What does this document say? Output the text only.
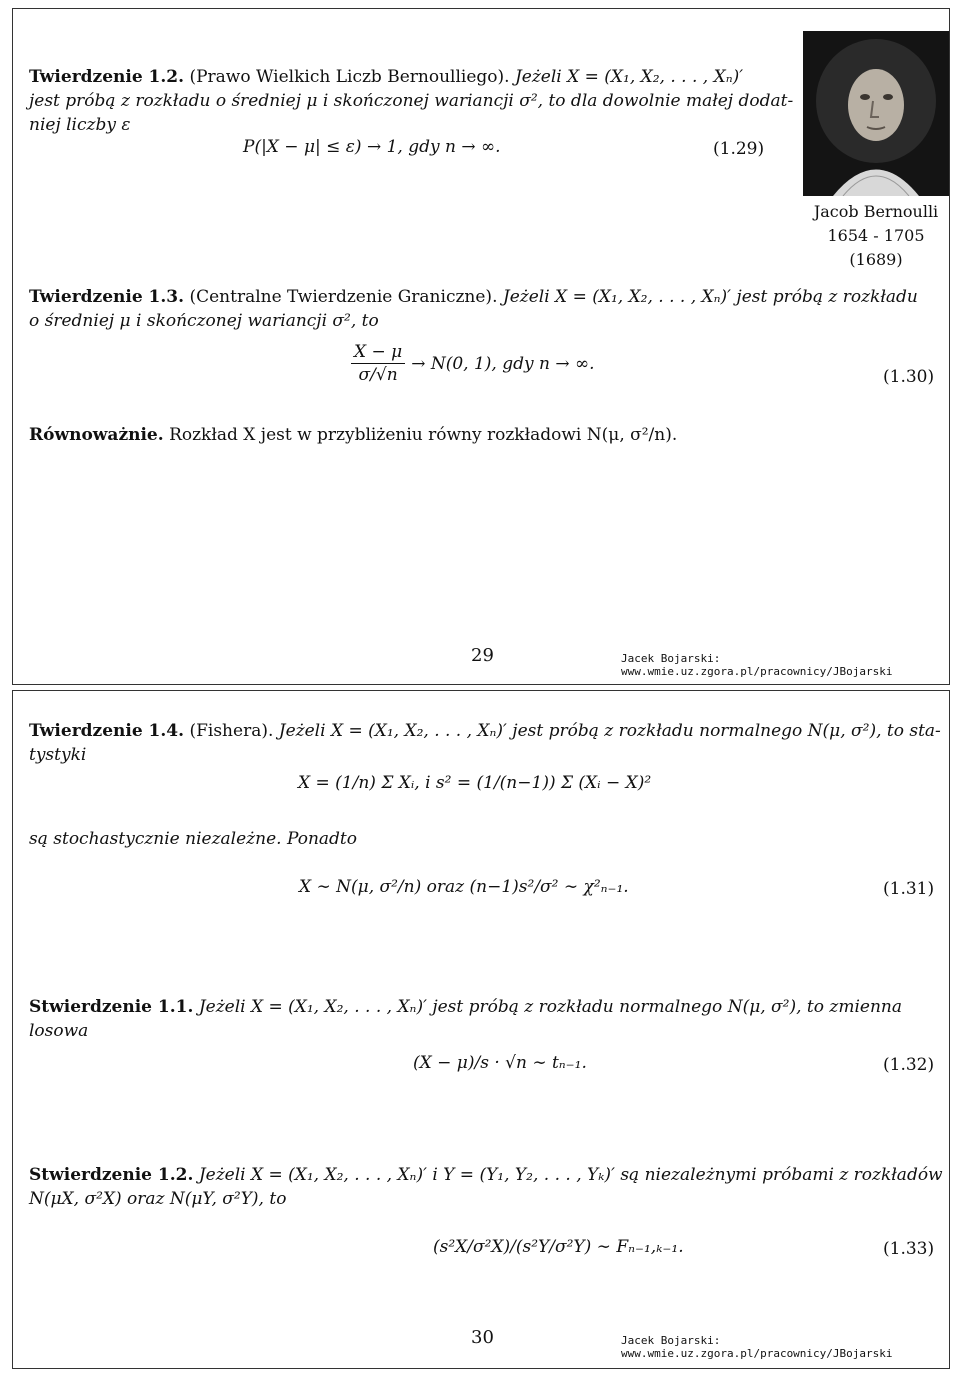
Twierdzenie 1.2. (Prawo Wielkich Liczb Bernoulliego). Jeżeli X = (X₁, X₂, . . . , Xₙ)′
jest próbą z rozkładu o średniej μ i skończonej wariancji σ², to dla dowolnie małej dodat-
niej liczby ε
P(|X − μ| ≤ ε) → 1, gdy n → ∞.	(1.29)
Jacob Bernoulli
1654 - 1705
(1689)
Twierdzenie 1.3. (Centralne Twierdzenie Graniczne). Jeżeli X = (X₁, X₂, . . . , Xₙ)′ jest próbą z rozkładu
o średniej μ i skończonej wariancji σ², to
$\frac{X - \mu}{\sigma/√n} \to N(0$, 1), gdy n → ∞.
(1.30)
Równoważnie. Rozkład X jest w przybliżeniu równy rozkładowi N(μ, σ²/n).
29	Jacek Bojarski: www.wmie.uz.zgora.pl/pracownicy/JBojarski
Twierdzenie 1.4. (Fishera). Jeżeli X = (X₁, X₂, . . . , Xₙ)′ jest próbą z rozkładu normalnego N(μ, σ²), to sta-
tystyki
X = (1/n) Σ Xᵢ, i s² = (1/(n−1)) Σ (Xᵢ − X)²
są stochastycznie niezależne. Ponadto
X ∼ N(μ, σ²/n) oraz (n−1)s²/σ² ∼ χ²ₙ₋₁.	(1.31)
Stwierdzenie 1.1. Jeżeli X = (X₁, X₂, . . . , Xₙ)′ jest próbą z rozkładu normalnego N(μ, σ²), to zmienna losowa
(X − μ)/s · √n ∼ tₙ₋₁.	(1.32)
Stwierdzenie 1.2. Jeżeli X = (X₁, X₂, . . . , Xₙ)′ i Y = (Y₁, Y₂, . . . , Yₖ)′ są niezależnymi próbami z rozkładów
N(μX, σ²X) oraz N(μY, σ²Y), to
(s²X/σ²X)/(s²Y/σ²Y) ∼ Fₙ₋₁,ₖ₋₁.	(1.33)
30	Jacek Bojarski: www.wmie.uz.zgora.pl/pracownicy/JBojarski
